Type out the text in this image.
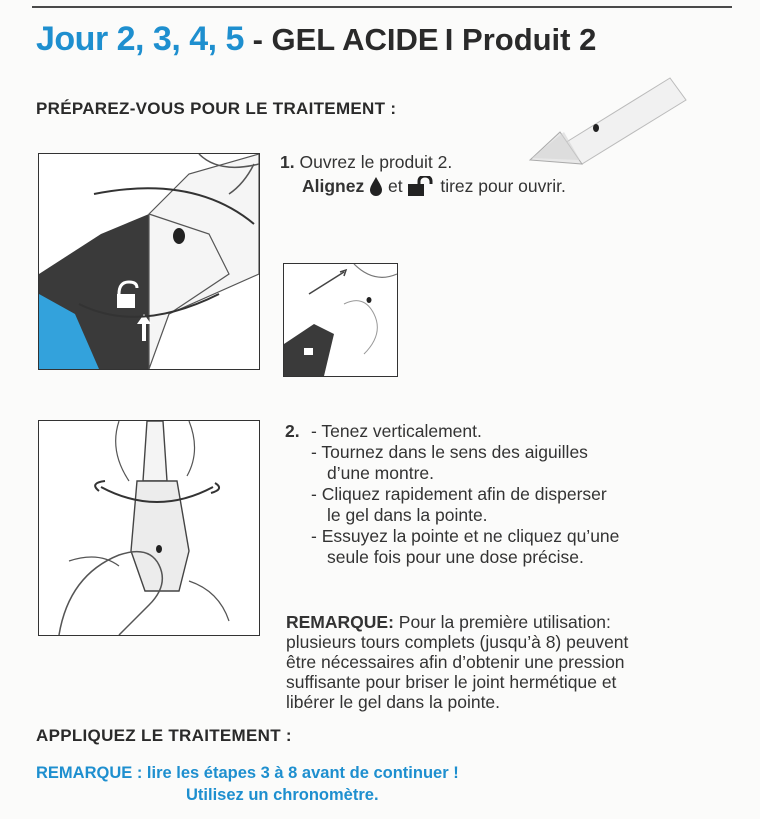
Jour 2, 3, 4, 5 - GEL ACIDE I Produit 2
PRÉPAREZ-VOUS POUR LE TRAITEMENT :
1. Ouvrez le produit 2.
Alignez et tirez pour ouvrir.
2. - Tenez verticalement.
- Tournez dans le sens des aiguilles
d’une montre.
- Cliquez rapidement afin de disperser
le gel dans la pointe.
- Essuyez la pointe et ne cliquez qu’une
seule fois pour une dose précise.
REMARQUE: Pour la première utilisation:
plusieurs tours complets (jusqu’à 8) peuvent
être nécessaires afin d’obtenir une pression
suffisante pour briser le joint hermétique et
libérer le gel dans la pointe.
APPLIQUEZ LE TRAITEMENT :
REMARQUE : lire les étapes 3 à 8 avant de continuer !
Utilisez un chronomètre.
